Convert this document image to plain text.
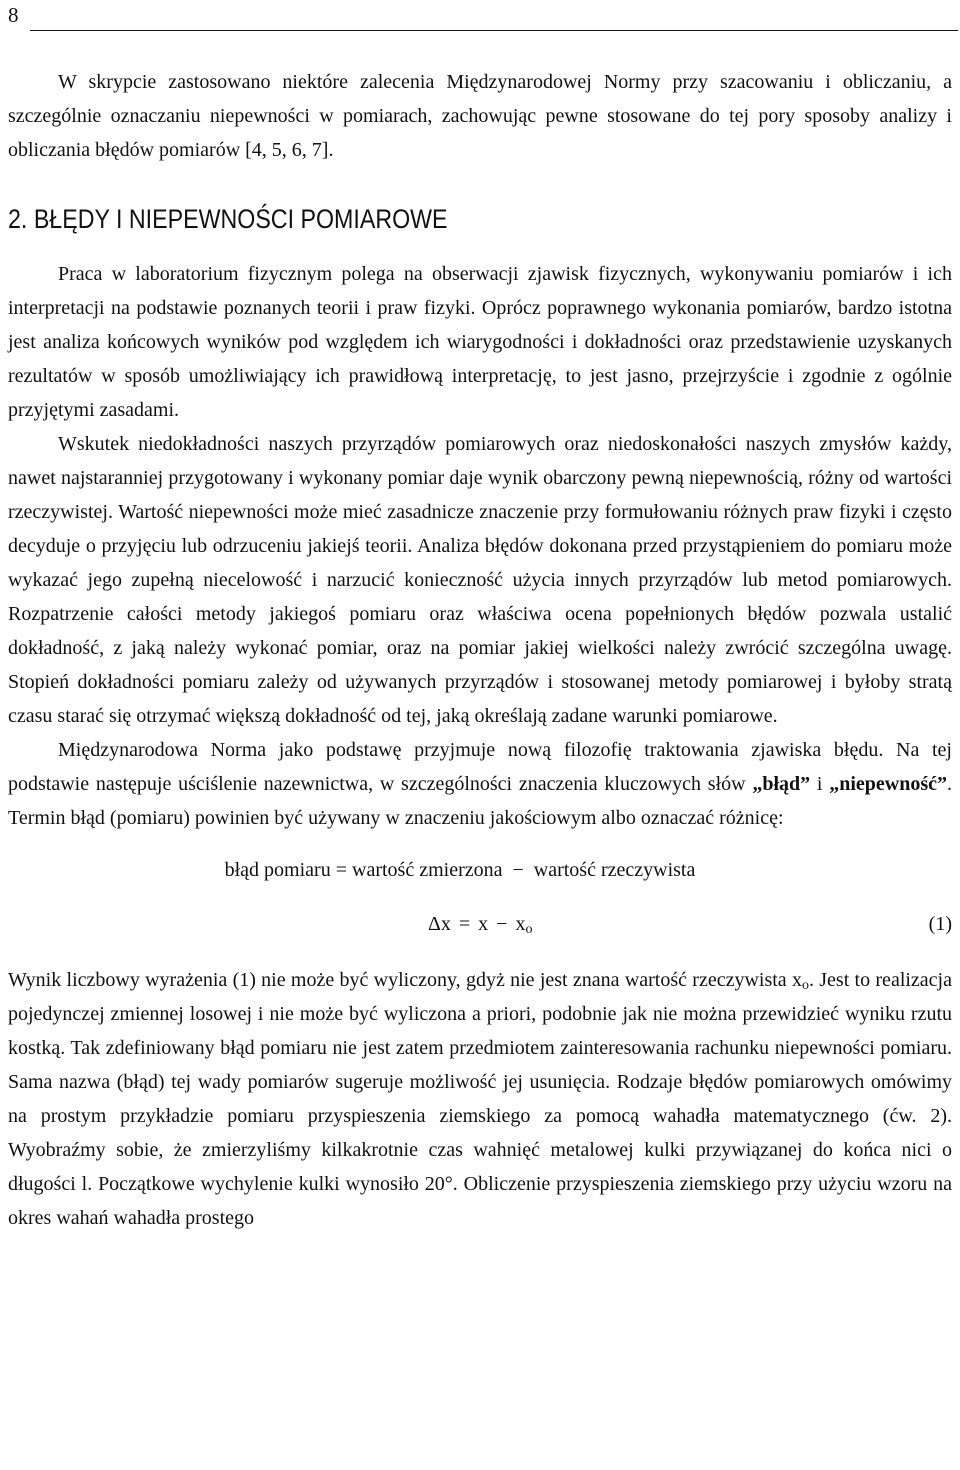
8

W skrypcie zastosowano niektóre zalecenia Międzynarodowej Normy przy szacowaniu i obliczaniu, a szczególnie oznaczaniu niepewności w pomiarach, zachowując pewne stosowane do tej pory sposoby analizy i obliczania błędów pomiarów [4, 5, 6, 7].

2. BŁĘDY I NIEPEWNOŚCI POMIAROWE

Praca w laboratorium fizycznym polega na obserwacji zjawisk fizycznych, wykonywaniu pomiarów i ich interpretacji na podstawie poznanych teorii i praw fizyki. Oprócz poprawnego wykonania pomiarów, bardzo istotna jest analiza końcowych wyników pod względem ich wiarygodności i dokładności oraz przedstawienie uzyskanych rezultatów w sposób umożliwiający ich prawidłową interpretację, to jest jasno, przejrzyście i zgodnie z ogólnie przyjętymi zasadami.

Wskutek niedokładności naszych przyrządów pomiarowych oraz niedoskonałości naszych zmysłów każdy, nawet najstaranniej przygotowany i wykonany pomiar daje wynik obarczony pewną niepewnością, różny od wartości rzeczywistej. Wartość niepewności może mieć zasadnicze znaczenie przy formułowaniu różnych praw fizyki i często decyduje o przyjęciu lub odrzuceniu jakiejś teorii. Analiza błędów dokonana przed przystąpieniem do pomiaru może wykazać jego zupełną niecelowość i narzucić konieczność użycia innych przyrządów lub metod pomiarowych. Rozpatrzenie całości metody jakiegoś pomiaru oraz właściwa ocena popełnionych błędów pozwala ustalić dokładność, z jaką należy wykonać pomiar, oraz na pomiar jakiej wielkości należy zwrócić szczególna uwagę. Stopień dokładności pomiaru zależy od używanych przyrządów i stosowanej metody pomiarowej i byłoby stratą czasu starać się otrzymać większą dokładność od tej, jaką określają zadane warunki pomiarowe.

Międzynarodowa Norma jako podstawę przyjmuje nową filozofię traktowania zjawiska błędu. Na tej podstawie następuje uściślenie nazewnictwa, w szczególności znaczenia kluczowych słów „błąd” i „niepewność”. Termin błąd (pomiaru) powinien być używany w znaczeniu jakościowym albo oznaczać różnicę:

błąd pomiaru = wartość zmierzona − wartość rzeczywista
$\Delta x = x - x_o$	(1)

Wynik liczbowy wyrażenia (1) nie może być wyliczony, gdyż nie jest znana wartość rzeczywista $x_o$. Jest to realizacja pojedynczej zmiennej losowej i nie może być wyliczona a priori, podobnie jak nie można przewidzieć wyniku rzutu kostką. Tak zdefiniowany błąd pomiaru nie jest zatem przedmiotem zainteresowania rachunku niepewności pomiaru. Sama nazwa (błąd) tej wady pomiarów sugeruje możliwość jej usunięcia. Rodzaje błędów pomiarowych omówimy na prostym przykładzie pomiaru przyspieszenia ziemskiego za pomocą wahadła matematycznego (ćw. 2). Wyobraźmy sobie, że zmierzyliśmy kilkakrotnie czas wahnięć metalowej kulki przywiązanej do końca nici o długości l. Początkowe wychylenie kulki wynosiło 20°. Obliczenie przyspieszenia ziemskiego przy użyciu wzoru na okres wahań wahadła prostego
